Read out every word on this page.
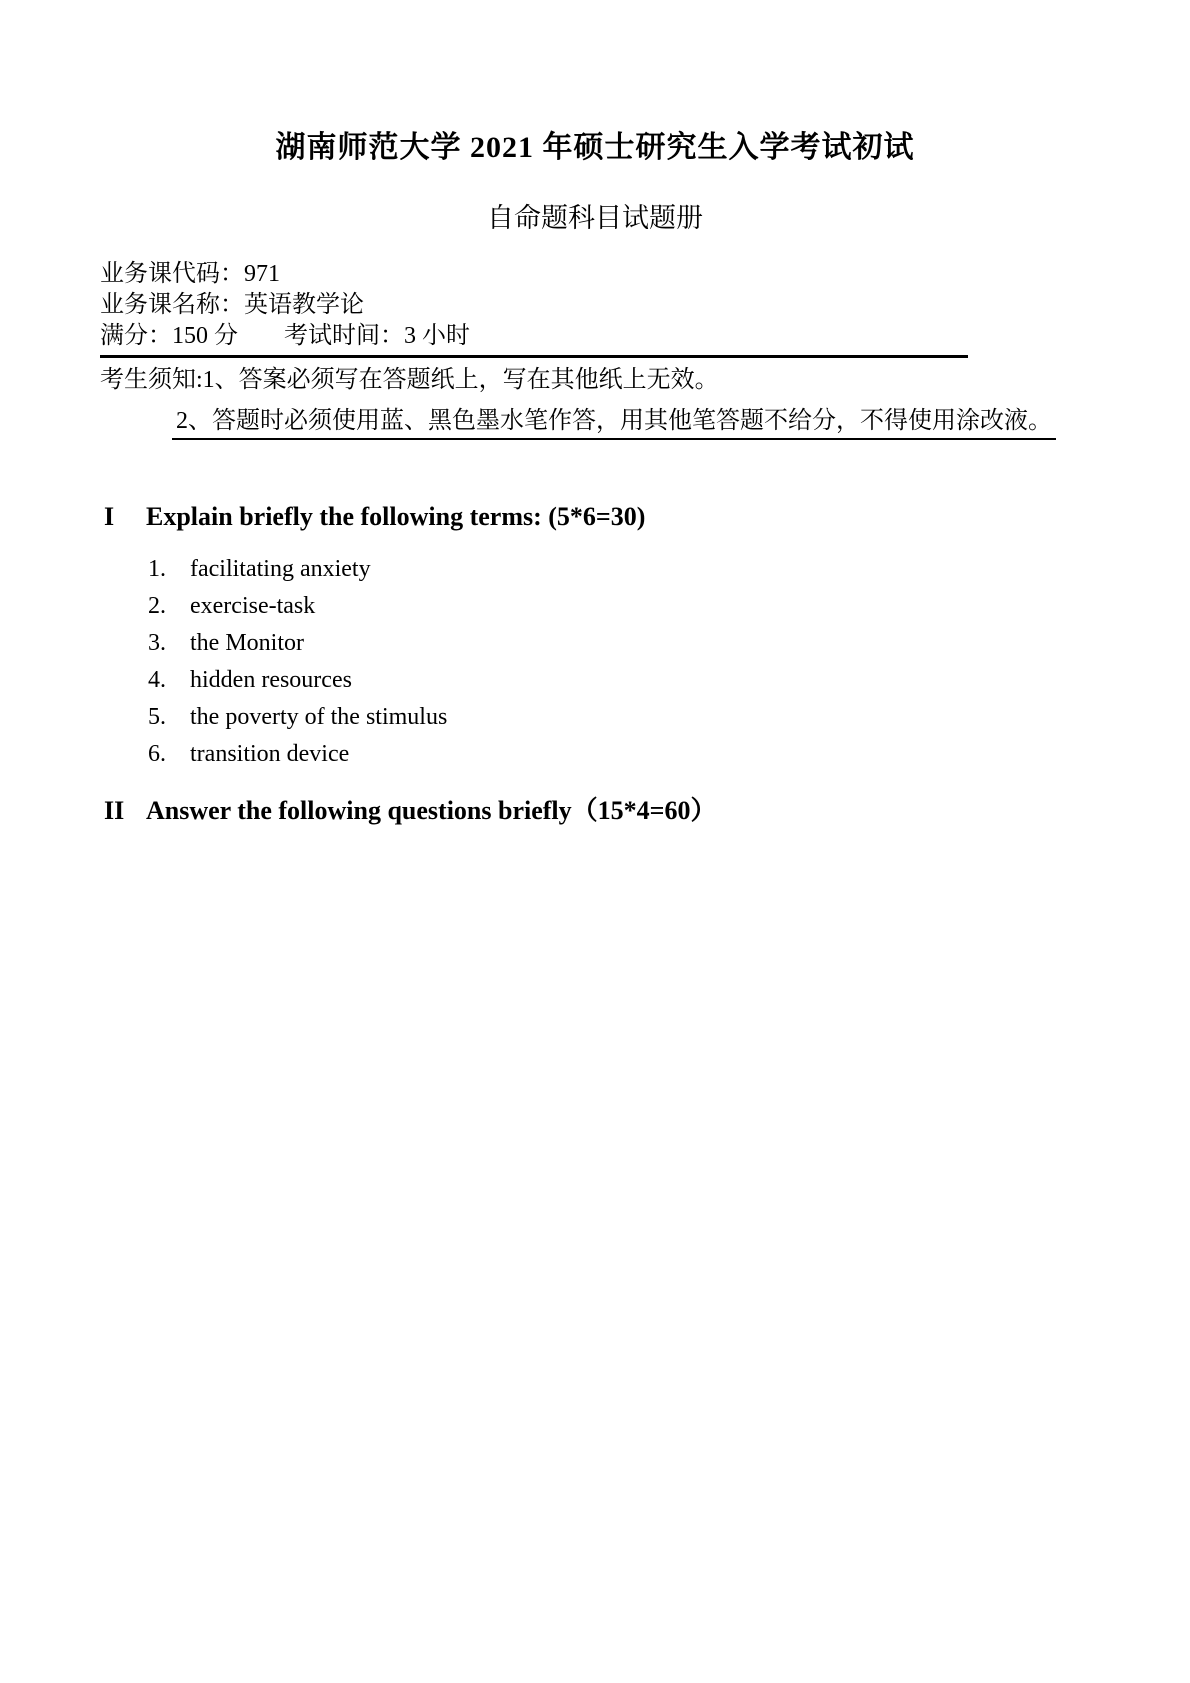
湖南师范大学 2021 年硕士研究生入学考试初试
自命题科目试题册
业务课代码：971
业务课名称：英语教学论
满分：150 分 考试时间：3 小时
考生须知:1、答案必须写在答题纸上，写在其他纸上无效。
2、答题时必须使用蓝、黑色墨水笔作答，用其他笔答题不给分，不得使用涂改液。
I Explain briefly the following terms: (5*6=30)
1. facilitating anxiety
2. exercise-task
3. the Monitor
4. hidden resources
5. the poverty of the stimulus
6. transition device
II Answer the following questions briefly（15*4=60）
